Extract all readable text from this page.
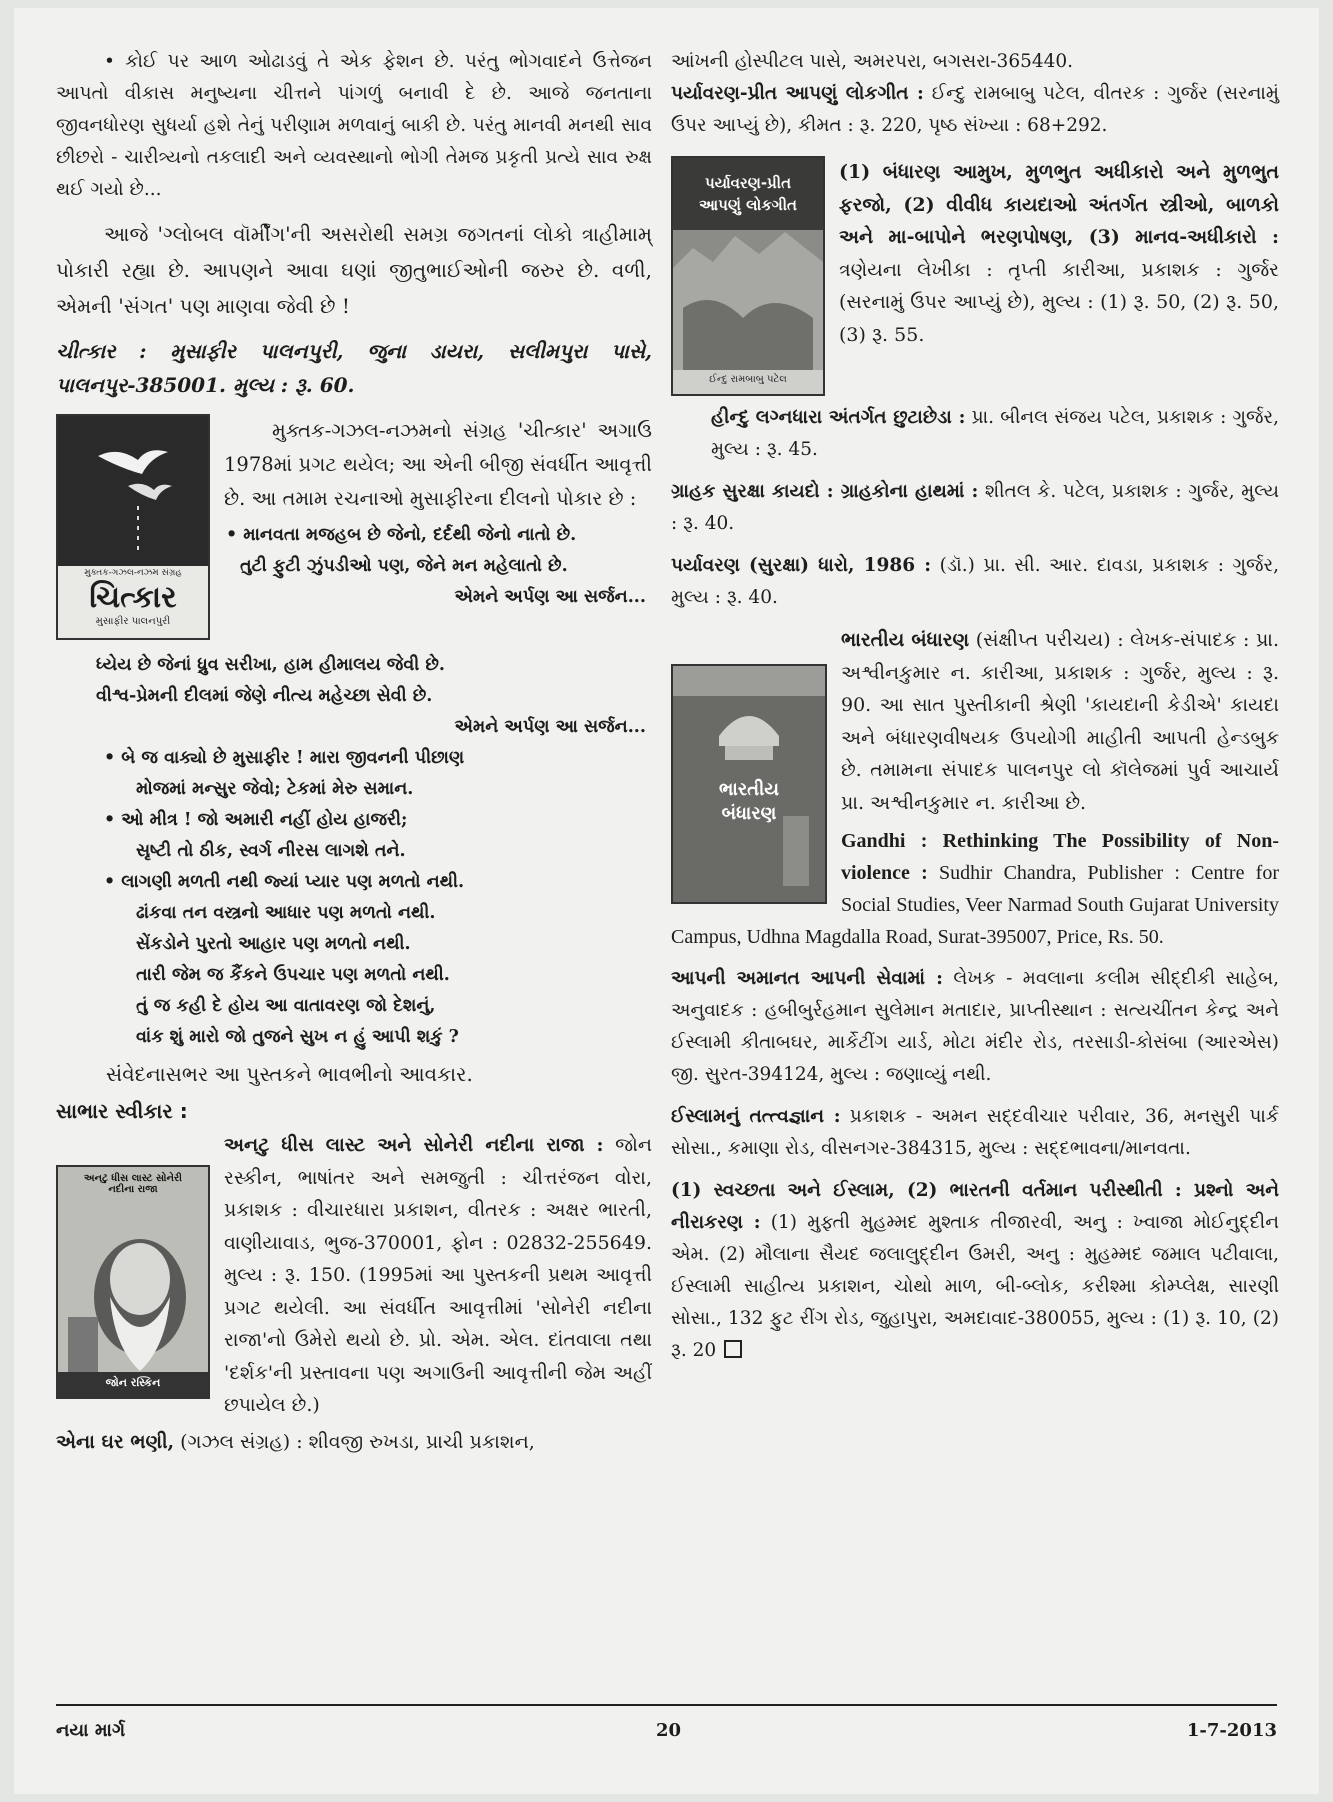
• કોઈ પર આળ ઓઢાડવું તે એક ફેશન છે. પરંતુ ભોગવાદને ઉત્તેજન આપતો વીકાસ મનુષ્યના ચીત્તને પાંગળું બનાવી દે છે. આજે જનતાના જીવનધોરણ સુધર્યા હશે તેનું પરીણામ મળવાનું બાકી છે. પરંતુ માનવી મનથી સાવ છીછરો - ચારીત્ર્યનો તકલાદી અને વ્યવસ્થાનો ભોગી તેમજ પ્રકૃતી પ્રત્યે સાવ રુક્ષ થઈ ગયો છે...

આજે 'ગ્લોબલ વૉર્મીંગ'ની અસરોથી સમગ્ર જગતનાં લોકો ત્રાહીમામ્ પોકારી રહ્યા છે. આપણને આવા ઘણાં જીતુભાઈઓની જરુર છે. વળી, એમની 'સંગત' પણ માણવા જેવી છે !

ચીત્કાર : મુસાફીર પાલનપુરી, જુના ડાયરા, સલીમપુરા પાસે, પાલનપુર-385001. મુલ્ય : રૂ. 60.

મુક્તક-ગઝલ-નઝમ સંગ્રહ
ચિત્કાર
મુસાફીર પાલનપુરી

મુક્તક-ગઝલ-નઝમનો સંગ્રહ 'ચીત્કાર' અગાઉ 1978માં પ્રગટ થયેલ; આ એની બીજી સંવર્ધીત આવૃત્તી છે. આ તમામ રચનાઓ મુસાફીરના દીલનો પોકાર છે :

• માનવતા મજહબ છે જેનો, દર્દથી જેનો નાતો છે.

તુટી ફુટી ઝુંપડીઓ પણ, જેને મન મહેલાતો છે.

એમને અર્પણ આ સર્જન...

ધ્યેય છે જેનાં ધ્રુવ સરીખા, હામ હીમાલય જેવી છે.

વીશ્વ-પ્રેમની દીલમાં જેણે નીત્ય મહેચ્છા સેવી છે.

એમને અર્પણ આ સર્જન...

• બે જ વાક્યો છે મુસાફીર ! મારા જીવનની પીછાણ

મોજમાં મન્સુર જેવો; ટેકમાં મેરુ સમાન.

• ઓ મીત્ર ! જો અમારી નહીં હોય હાજરી;

સૃષ્ટી તો ઠીક, સ્વર્ગ નીરસ લાગશે તને.

• લાગણી મળતી નથી જ્યાં પ્યાર પણ મળતો નથી.

ઢાંકવા તન વસ્ત્રનો આધાર પણ મળતો નથી.

સેંકડોને પુરતો આહાર પણ મળતો નથી.

તારી જેમ જ કૈંકને ઉપચાર પણ મળતો નથી.

તું જ કહી દે હોય આ વાતાવરણ જો દેશનું,

વાંક શું મારો જો તુજને સુખ ન હું આપી શકું ?

સંવેદનાસભર આ પુસ્તકને ભાવભીનો આવકાર.

સાભાર સ્વીકાર :
અનટુ ધીસ લાસ્ટ સોનેરી નદીના રાજા
જોન રસ્કિન

અનટુ ધીસ લાસ્ટ અને સોનેરી નદીના રાજા : જોન રસ્કીન, ભાષાંતર અને સમજુતી : ચીત્તરંજન વોરા, પ્રકાશક : વીચારધારા પ્રકાશન, વીતરક : અક્ષર ભારતી, વાણીયાવાડ, ભુજ-370001, ફોન : 02832-255649. મુલ્ય : રૂ. 150. (1995માં આ પુસ્તકની પ્રથમ આવૃત્તી પ્રગટ થયેલી. આ સંવર્ધીત આવૃત્તીમાં 'સોનેરી નદીના રાજા'નો ઉમેરો થયો છે. પ્રો. એમ. એલ. દાંતવાલા તથા 'દર્શક'ની પ્રસ્તાવના પણ અગાઉની આવૃત્તીની જેમ અહીં છપાયેલ છે.)

એના ઘર ભણી, (ગઝલ સંગ્રહ) : શીવજી રુખડા, પ્રાચી પ્રકાશન,

આંખની હોસ્પીટલ પાસે, અમરપરા, બગસરા-365440.

પર્યાવરણ-પ્રીત આપણું લોકગીત : ઈન્દુ રામબાબુ પટેલ, વીતરક : ગુર્જર (સરનામું ઉપર આપ્યું છે), કીમત : રૂ. 220, પૃષ્ઠ સંખ્યા : 68+292.

પર્યાવરણ-પ્રીત આપણું લોકગીત
ઈન્દુ રામબાબુ પટેલ

(1) બંધારણ આમુખ, મુળભુત અધીકારો અને મુળભુત ફરજો, (2) વીવીધ કાયદાઓ અંતર્ગત સ્ત્રીઓ, બાળકો અને મા-બાપોને ભરણપોષણ, (3) માનવ-અધીકારો : ત્રણેયના લેખીકા : તૃપ્તી કારીઆ, પ્રકાશક : ગુર્જર (સરનામું ઉપર આપ્યું છે), મુલ્ય : (1) રૂ. 50, (2) રૂ. 50, (3) રૂ. 55.

હીન્દુ લગ્નધારા અંતર્ગત છુટાછેડા : પ્રા. બીનલ સંજય પટેલ, પ્રકાશક : ગુર્જર, મુલ્ય : રૂ. 45.

ગ્રાહક સુરક્ષા કાયદો : ગ્રાહકોના હાથમાં : શીતલ કે. પટેલ, પ્રકાશક : ગુર્જર, મુલ્ય : રૂ. 40.

પર્યાવરણ (સુરક્ષા) ધારો, 1986 : (ડૉ.) પ્રા. સી. આર. દાવડા, પ્રકાશક : ગુર્જર, મુલ્ય : રૂ. 40.

ભારતીય બંધારણ

ભારતીય બંધારણ (સંક્ષીપ્ત પરીચય) : લેખક-સંપાદક : પ્રા. અશ્વીનકુમાર ન. કારીઆ, પ્રકાશક : ગુર્જર, મુલ્ય : રૂ. 90. આ સાત પુસ્તીકાની શ્રેણી 'કાયદાની કેડીએ' કાયદા અને બંધારણવીષયક ઉપયોગી માહીતી આપતી હેન્ડબુક છે. તમામના સંપાદક પાલનપુર લો કૉલેજમાં પુર્વ આચાર્ય પ્રા. અશ્વીનકુમાર ન. કારીઆ છે.

Gandhi : Rethinking The Possibility of Non-violence : Sudhir Chandra, Publisher : Centre for Social Studies, Veer Narmad South Gujarat University Campus, Udhna Magdalla Road, Surat-395007, Price, Rs. 50.

આપની અમાનત આપની સેવામાં : લેખક - મવલાના કલીમ સીદ્દીકી સાહેબ, અનુવાદક : હબીબુર્રહમાન સુલેમાન મતાદાર, પ્રાપ્તીસ્થાન : સત્યચીંતન કેન્દ્ર અને ઈસ્લામી કીતાબઘર, માર્કેટીંગ યાર્ડ, મોટા મંદીર રોડ, તરસાડી-કોસંબા (આરએસ) જી. સુરત-394124, મુલ્ય : જણાવ્યું નથી.

ઈસ્લામનું તત્ત્વજ્ઞાન : પ્રકાશક - અમન સદ્દવીચાર પરીવાર, 36, મનસુરી પાર્ક સોસા., કમાણા રોડ, વીસનગર-384315, મુલ્ય : સદ્દભાવના/માનવતા.

(1) સ્વચ્છતા અને ઈસ્લામ, (2) ભારતની વર્તમાન પરીસ્થીતી : પ્રશ્નો અને નીરાકરણ : (1) મુફ્તી મુહમ્મદ મુશ્તાક તીજારવી, અનુ : ખ્વાજા મોઈનુદ્દીન એમ. (2) મૌલાના સૈયદ જલાલુદ્દીન ઉમરી, અનુ : મુહમ્મદ જમાલ પટીવાલા, ઈસ્લામી સાહીત્ય પ્રકાશન, ચોથો માળ, બી-બ્લોક, કરીશ્મા કોમ્પ્લેક્ષ, સારણી સોસા., 132 ફુટ રીંગ રોડ, જુહાપુરા, અમદાવાદ-380055, મુલ્ય : (1) રૂ. 10, (2) રૂ. 20

નયા માર્ગ	20	1-7-2013
